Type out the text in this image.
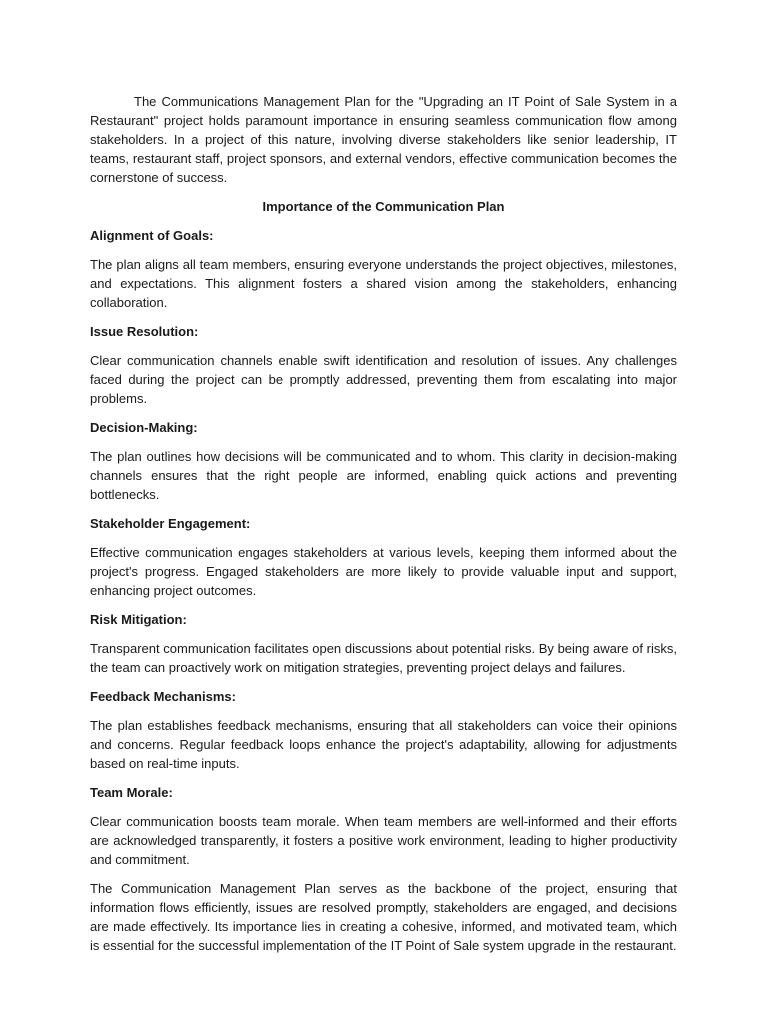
The Communications Management Plan for the "Upgrading an IT Point of Sale System in a Restaurant" project holds paramount importance in ensuring seamless communication flow among stakeholders. In a project of this nature, involving diverse stakeholders like senior leadership, IT teams, restaurant staff, project sponsors, and external vendors, effective communication becomes the cornerstone of success.

Importance of the Communication Plan

Alignment of Goals:

The plan aligns all team members, ensuring everyone understands the project objectives, milestones, and expectations. This alignment fosters a shared vision among the stakeholders, enhancing collaboration.

Issue Resolution:

Clear communication channels enable swift identification and resolution of issues. Any challenges faced during the project can be promptly addressed, preventing them from escalating into major problems.

Decision-Making:

The plan outlines how decisions will be communicated and to whom. This clarity in decision-making channels ensures that the right people are informed, enabling quick actions and preventing bottlenecks.

Stakeholder Engagement:

Effective communication engages stakeholders at various levels, keeping them informed about the project's progress. Engaged stakeholders are more likely to provide valuable input and support, enhancing project outcomes.

Risk Mitigation:

Transparent communication facilitates open discussions about potential risks. By being aware of risks, the team can proactively work on mitigation strategies, preventing project delays and failures.

Feedback Mechanisms:

The plan establishes feedback mechanisms, ensuring that all stakeholders can voice their opinions and concerns. Regular feedback loops enhance the project's adaptability, allowing for adjustments based on real-time inputs.

Team Morale:

Clear communication boosts team morale. When team members are well-informed and their efforts are acknowledged transparently, it fosters a positive work environment, leading to higher productivity and commitment.

The Communication Management Plan serves as the backbone of the project, ensuring that information flows efficiently, issues are resolved promptly, stakeholders are engaged, and decisions are made effectively. Its importance lies in creating a cohesive, informed, and motivated team, which is essential for the successful implementation of the IT Point of Sale system upgrade in the restaurant.
